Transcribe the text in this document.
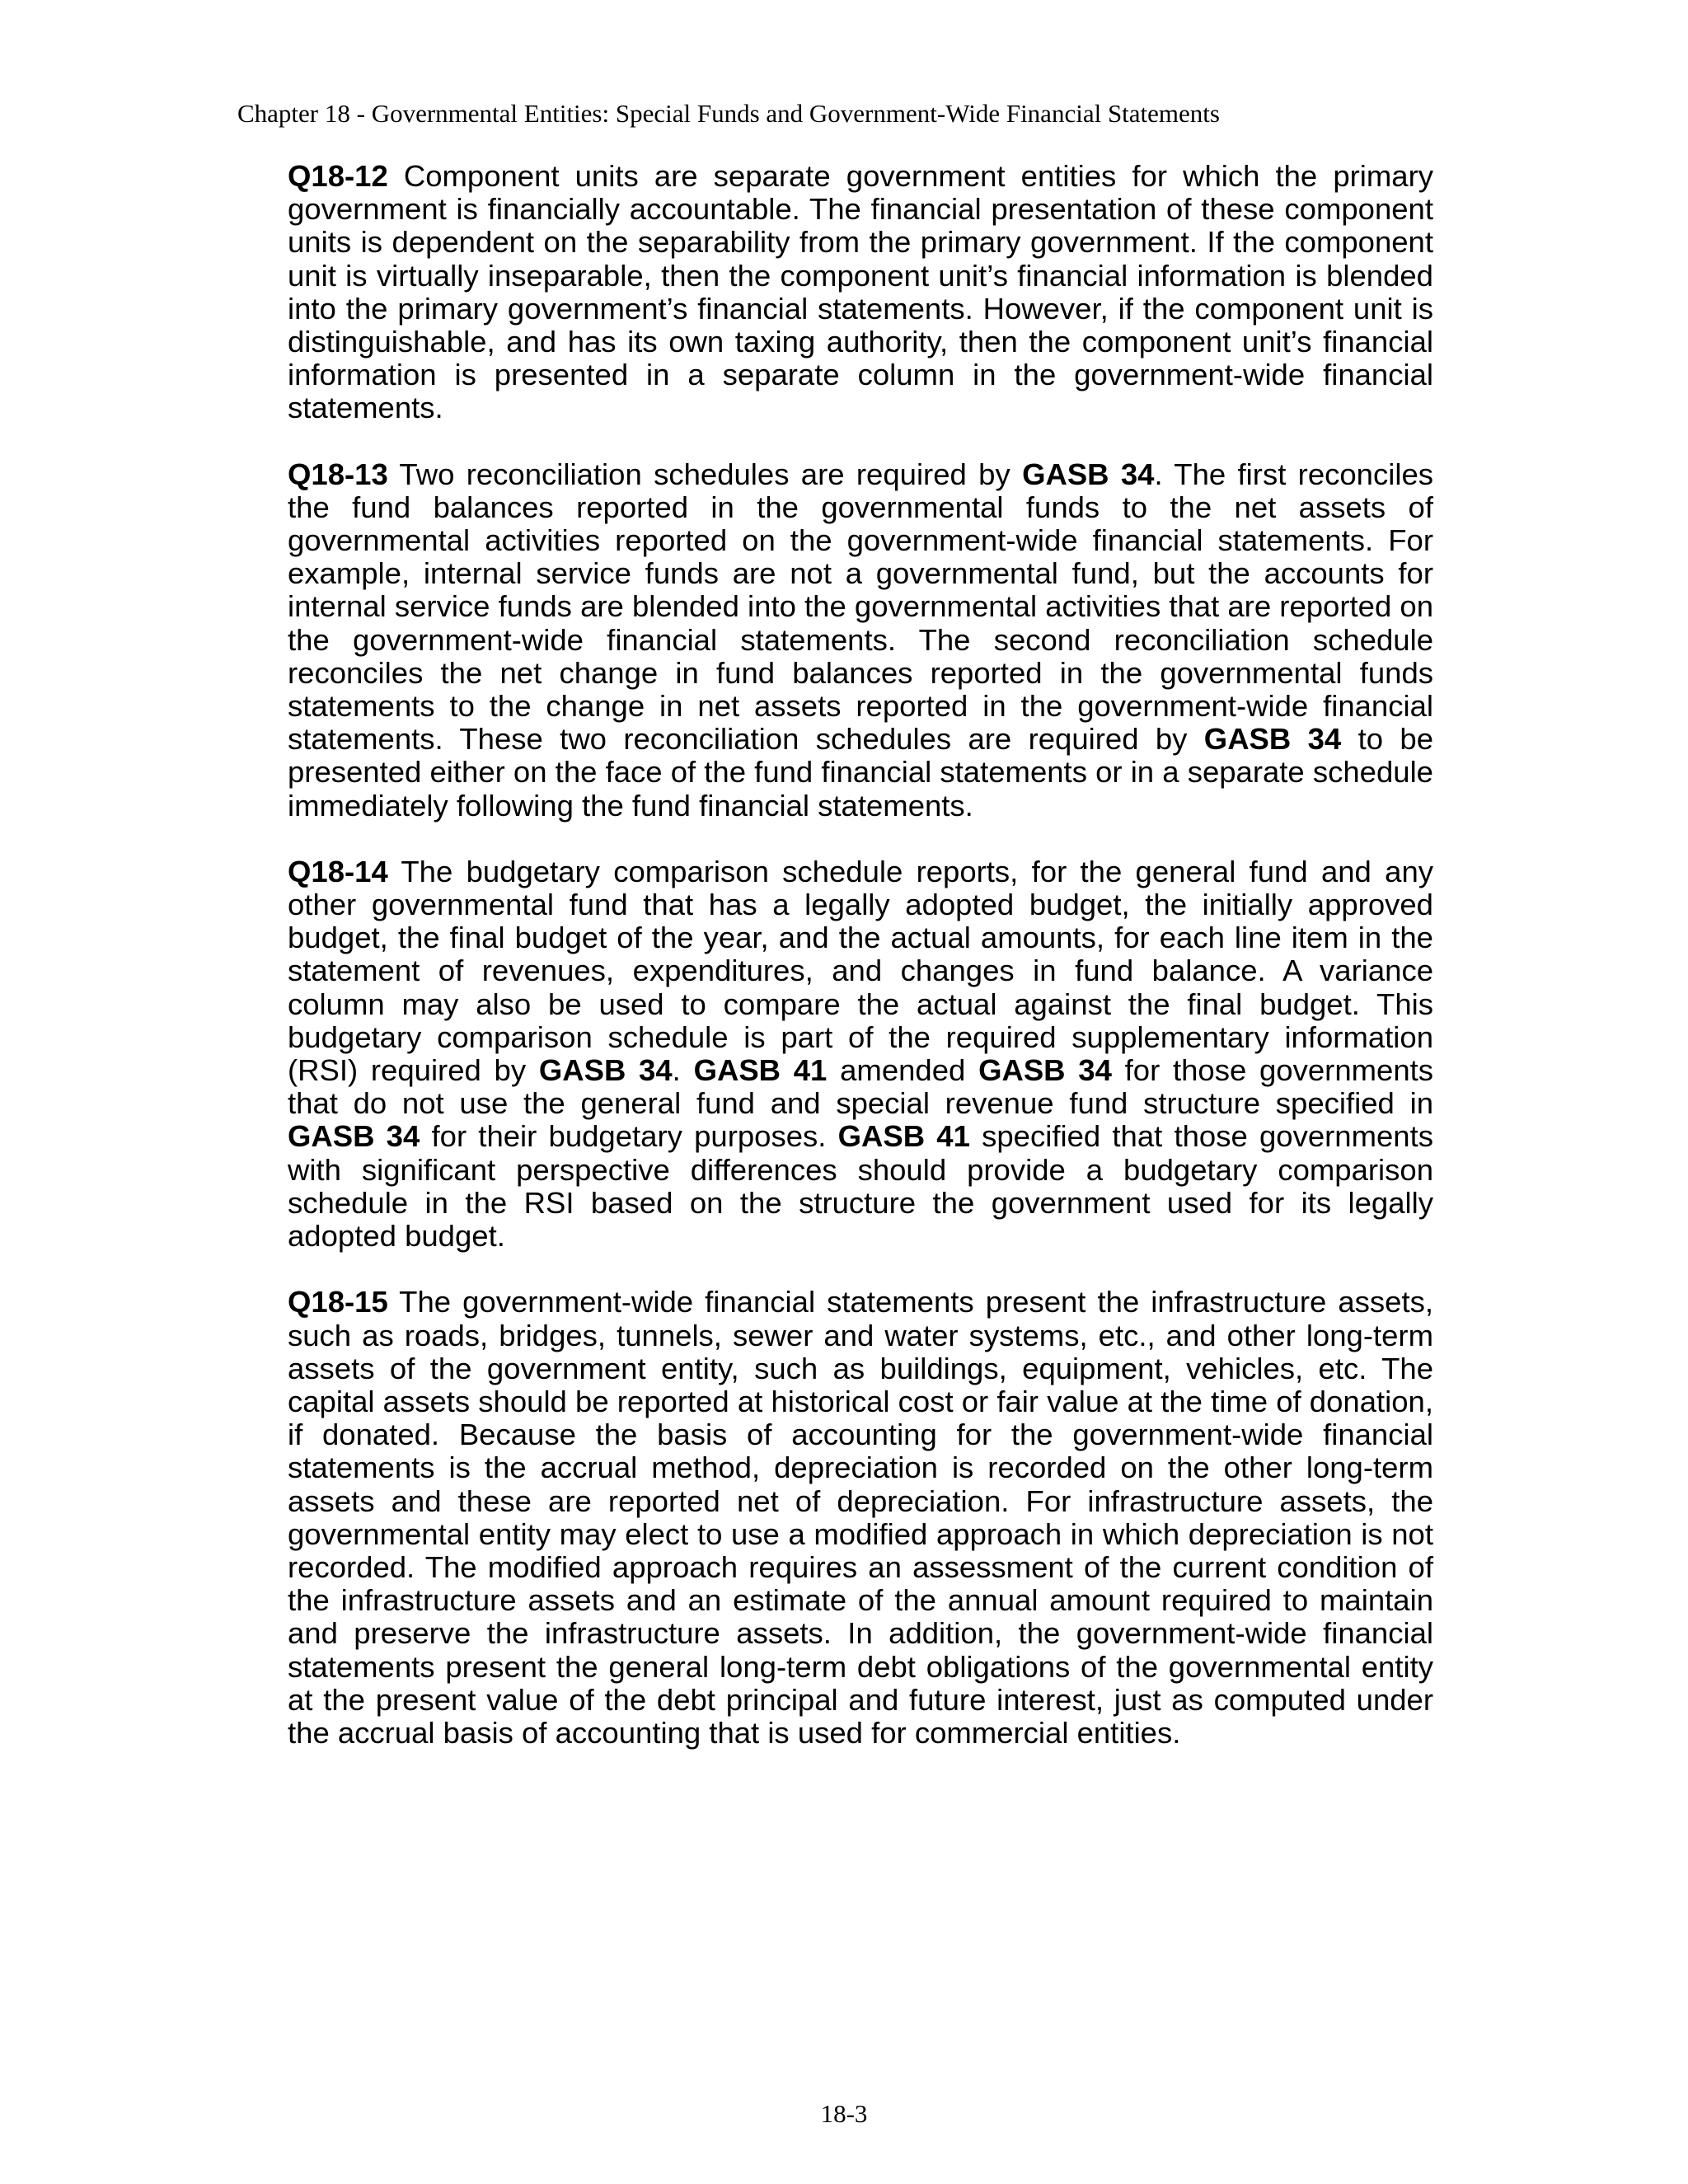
Chapter 18 - Governmental Entities: Special Funds and Government-Wide Financial Statements

Q18-12 Component units are separate government entities for which the primary government is financially accountable. The financial presentation of these component units is dependent on the separability from the primary government. If the component unit is virtually inseparable, then the component unit’s financial information is blended into the primary government’s financial statements. However, if the component unit is distinguishable, and has its own taxing authority, then the component unit’s financial information is presented in a separate column in the government-wide financial statements.

Q18-13 Two reconciliation schedules are required by GASB 34. The first reconciles the fund balances reported in the governmental funds to the net assets of governmental activities reported on the government-wide financial statements. For example, internal service funds are not a governmental fund, but the accounts for internal service funds are blended into the governmental activities that are reported on the government-wide financial statements. The second reconciliation schedule reconciles the net change in fund balances reported in the governmental funds statements to the change in net assets reported in the government-wide financial statements. These two reconciliation schedules are required by GASB 34 to be presented either on the face of the fund financial statements or in a separate schedule immediately following the fund financial statements.

Q18-14 The budgetary comparison schedule reports, for the general fund and any other governmental fund that has a legally adopted budget, the initially approved budget, the final budget of the year, and the actual amounts, for each line item in the statement of revenues, expenditures, and changes in fund balance. A variance column may also be used to compare the actual against the final budget. This budgetary comparison schedule is part of the required supplementary information (RSI) required by GASB 34. GASB 41 amended GASB 34 for those governments that do not use the general fund and special revenue fund structure specified in GASB 34 for their budgetary purposes. GASB 41 specified that those governments with significant perspective differences should provide a budgetary comparison schedule in the RSI based on the structure the government used for its legally adopted budget.

Q18-15 The government-wide financial statements present the infrastructure assets, such as roads, bridges, tunnels, sewer and water systems, etc., and other long-term assets of the government entity, such as buildings, equipment, vehicles, etc. The capital assets should be reported at historical cost or fair value at the time of donation, if donated. Because the basis of accounting for the government-wide financial statements is the accrual method, depreciation is recorded on the other long-term assets and these are reported net of depreciation. For infrastructure assets, the governmental entity may elect to use a modified approach in which depreciation is not recorded. The modified approach requires an assessment of the current condition of the infrastructure assets and an estimate of the annual amount required to maintain and preserve the infrastructure assets. In addition, the government-wide financial statements present the general long-term debt obligations of the governmental entity at the present value of the debt principal and future interest, just as computed under the accrual basis of accounting that is used for commercial entities.

18-3
